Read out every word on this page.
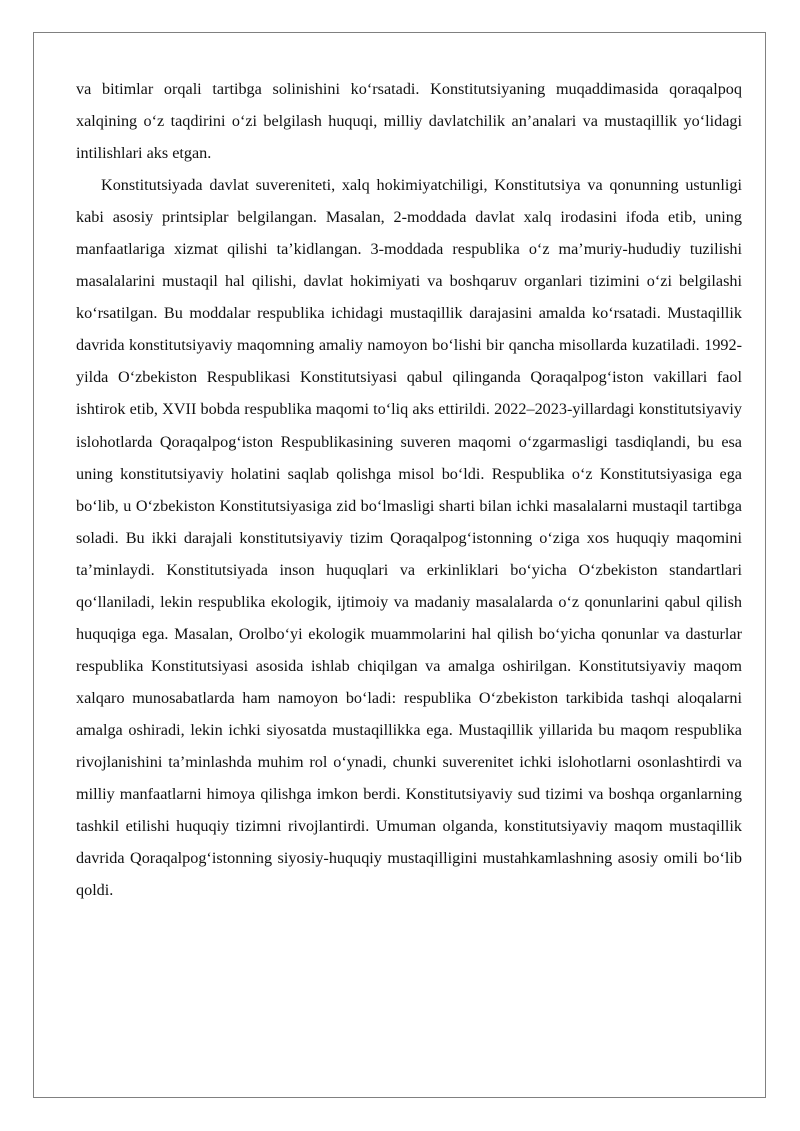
va bitimlar orqali tartibga solinishini ko‘rsatadi. Konstitutsiyaning muqaddimasida qoraqalpoq xalqining o‘z taqdirini o‘zi belgilash huquqi, milliy davlatchilik an’analari va mustaqillik yo‘lidagi intilishlari aks etgan.

Konstitutsiyada davlat suvereniteti, xalq hokimiyatchiligi, Konstitutsiya va qonunning ustunligi kabi asosiy printsiplar belgilangan. Masalan, 2-moddada davlat xalq irodasini ifoda etib, uning manfaatlariga xizmat qilishi ta’kidlangan. 3-moddada respublika o‘z ma’muriy-hududiy tuzilishi masalalarini mustaqil hal qilishi, davlat hokimiyati va boshqaruv organlari tizimini o‘zi belgilashi ko‘rsatilgan. Bu moddalar respublika ichidagi mustaqillik darajasini amalda ko‘rsatadi. Mustaqillik davrida konstitutsiyaviy maqomning amaliy namoyon bo‘lishi bir qancha misollarda kuzatiladi. 1992-yilda O‘zbekiston Respublikasi Konstitutsiyasi qabul qilinganda Qoraqalpog‘iston vakillari faol ishtirok etib, XVII bobda respublika maqomi to‘liq aks ettirildi. 2022–2023-yillardagi konstitutsiyaviy islohotlarda Qoraqalpog‘iston Respublikasining suveren maqomi o‘zgarmasligi tasdiqlandi, bu esa uning konstitutsiyaviy holatini saqlab qolishga misol bo‘ldi. Respublika o‘z Konstitutsiyasiga ega bo‘lib, u O‘zbekiston Konstitutsiyasiga zid bo‘lmasligi sharti bilan ichki masalalarni mustaqil tartibga soladi. Bu ikki darajali konstitutsiyaviy tizim Qoraqalpog‘istonning o‘ziga xos huquqiy maqomini ta’minlaydi. Konstitutsiyada inson huquqlari va erkinliklari bo‘yicha O‘zbekiston standartlari qo‘llaniladi, lekin respublika ekologik, ijtimoiy va madaniy masalalarda o‘z qonunlarini qabul qilish huquqiga ega. Masalan, Orolbo‘yi ekologik muammolarini hal qilish bo‘yicha qonunlar va dasturlar respublika Konstitutsiyasi asosida ishlab chiqilgan va amalga oshirilgan. Konstitutsiyaviy maqom xalqaro munosabatlarda ham namoyon bo‘ladi: respublika O‘zbekiston tarkibida tashqi aloqalarni amalga oshiradi, lekin ichki siyosatda mustaqillikka ega. Mustaqillik yillarida bu maqom respublika rivojlanishini ta’minlashda muhim rol o‘ynadi, chunki suverenitet ichki islohotlarni osonlashtirdi va milliy manfaatlarni himoya qilishga imkon berdi. Konstitutsiyaviy sud tizimi va boshqa organlarning tashkil etilishi huquqiy tizimni rivojlantirdi. Umuman olganda, konstitutsiyaviy maqom mustaqillik davrida Qoraqalpog‘istonning siyosiy-huquqiy mustaqilligini mustahkamlashning asosiy omili bo‘lib qoldi.
